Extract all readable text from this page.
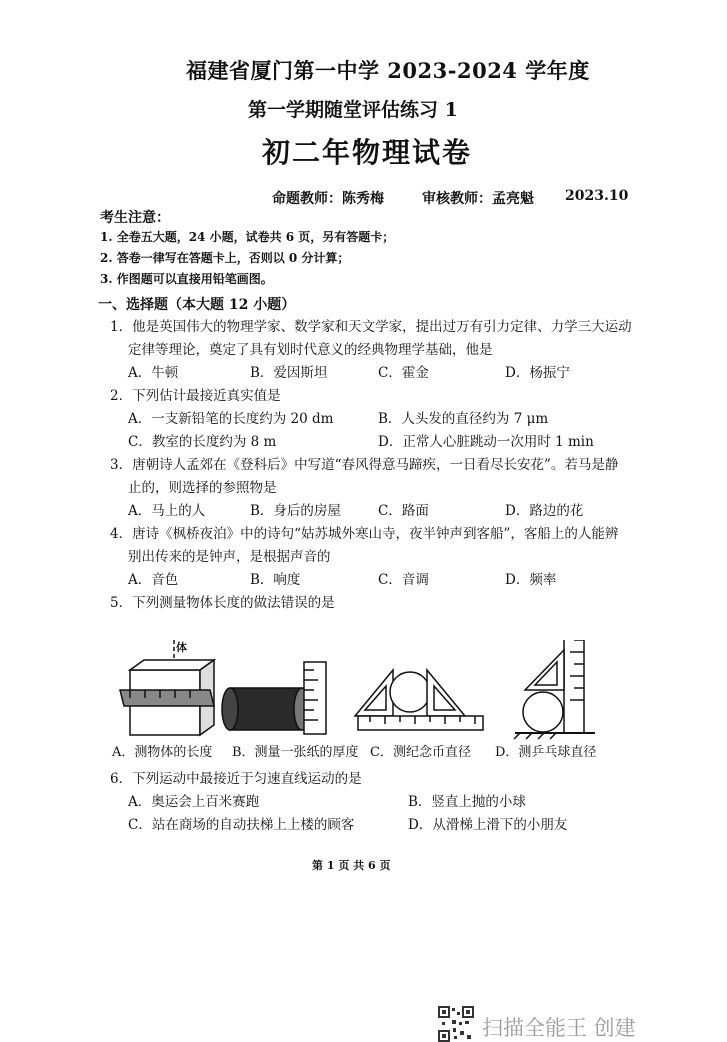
福建省厦门第一中学 2023-2024 学年度
第一学期随堂评估练习 1
初二年物理试卷
命题教师：陈秀梅	审核教师：孟亮魁 2023.10
考生注意：
1. 全卷五大题，24 小题，试卷共 6 页，另有答题卡；
2. 答卷一律写在答题卡上，否则以 0 分计算；
3. 作图题可以直接用铅笔画图。
一、选择题（本大题 12 小题）
1．他是英国伟大的物理学家、数学家和天文学家，提出过万有引力定律、力学三大运动
定律等理论，奠定了具有划时代意义的经典物理学基础，他是
A．牛顿	B．爱因斯坦	C．霍金	D．杨振宁
2．下列估计最接近真实值是
A．一支新铅笔的长度约为 20 dm	B．人头发的直径约为 7 μm
C．教室的长度约为 8 m	D．正常人心脏跳动一次用时 1 min
3．唐朝诗人孟郊在《登科后》中写道“春风得意马蹄疾，一日看尽长安花”。若马是静
止的，则选择的参照物是
A．马上的人	B．身后的房屋	C．路面	D．路边的花
4．唐诗《枫桥夜泊》中的诗句“姑苏城外寒山寺，夜半钟声到客船”，客船上的人能辨
别出传来的是钟声，是根据声音的
A．音色	B．响度	C．音调	D．频率
5．下列测量物体长度的做法错误的是
体
A．测物体的长度 B．测量一张纸的厚度 C．测纪念币直径 D．测乒乓球直径
6．下列运动中最接近于匀速直线运动的是
A．奥运会上百米赛跑	B．竖直上抛的小球
C．站在商场的自动扶梯上上楼的顾客	D．从滑梯上滑下的小朋友
第 1 页 共 6 页
扫描全能王 创建
